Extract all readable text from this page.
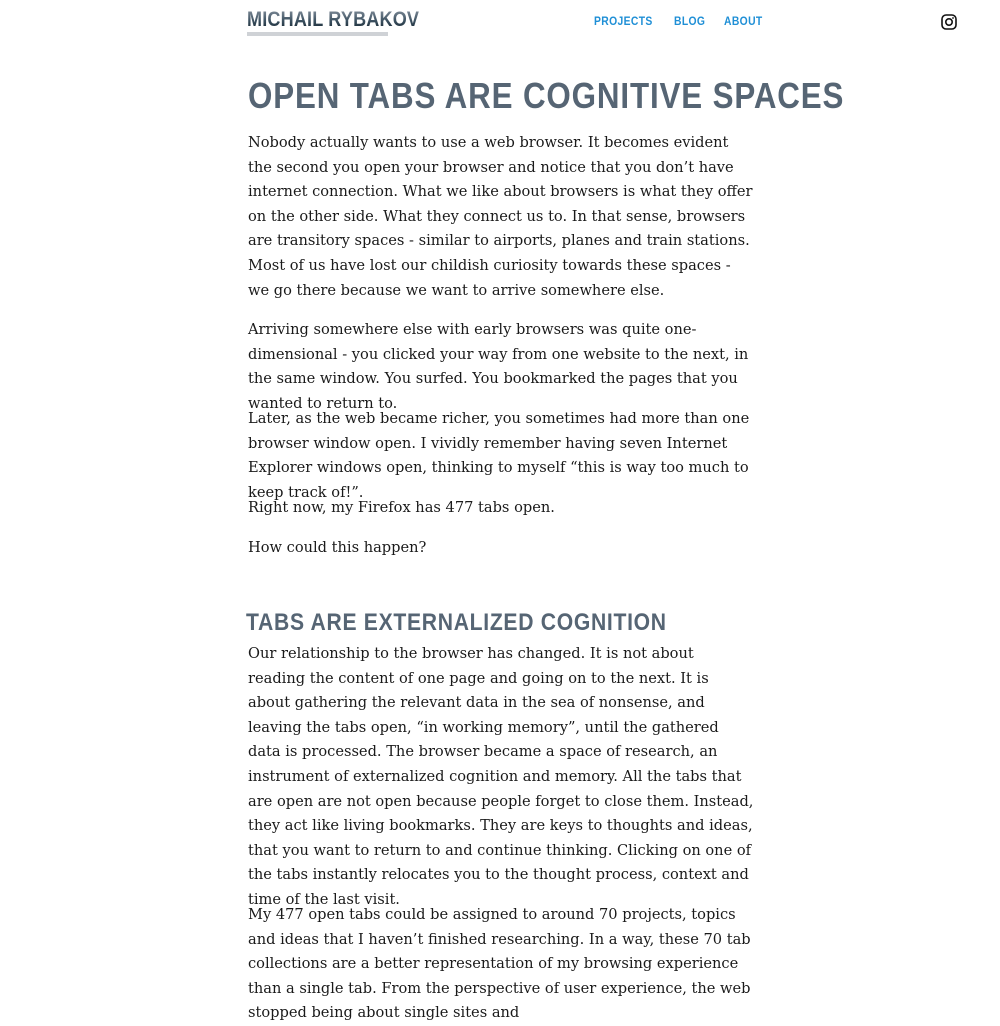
MICHAIL RYBAKOV	PROJECTS BLOG ABOUT
OPEN TABS ARE COGNITIVE SPACES

Nobody actually wants to use a web browser. It becomes evident the second you open your browser and notice that you don’t have internet connection. What we like about browsers is what they offer on the other side. What they connect us to. In that sense, browsers are transitory spaces - similar to airports, planes and train stations. Most of us have lost our childish curiosity towards these spaces - we go there because we want to arrive somewhere else.

Arriving somewhere else with early browsers was quite one-dimensional - you clicked your way from one website to the next, in the same window. You surfed. You bookmarked the pages that you wanted to return to.

Later, as the web became richer, you sometimes had more than one browser window open. I vividly remember having seven Internet Explorer windows open, thinking to myself “this is way too much to keep track of!”.

Right now, my Firefox has 477 tabs open.

How could this happen?

TABS ARE EXTERNALIZED COGNITION

Our relationship to the browser has changed. It is not about reading the content of one page and going on to the next. It is about gathering the relevant data in the sea of nonsense, and leaving the tabs open, “in working memory”, until the gathered data is processed. The browser became a space of research, an instrument of externalized cognition and memory. All the tabs that are open are not open because people forget to close them. Instead, they act like living bookmarks. They are keys to thoughts and ideas, that you want to return to and continue thinking. Clicking on one of the tabs instantly relocates you to the thought process, context and time of the last visit.

My 477 open tabs could be assigned to around 70 projects, topics and ideas that I haven’t finished researching. In a way, these 70 tab collections are a better representation of my browsing experience than a single tab. From the perspective of user experience, the web stopped being about single sites and
